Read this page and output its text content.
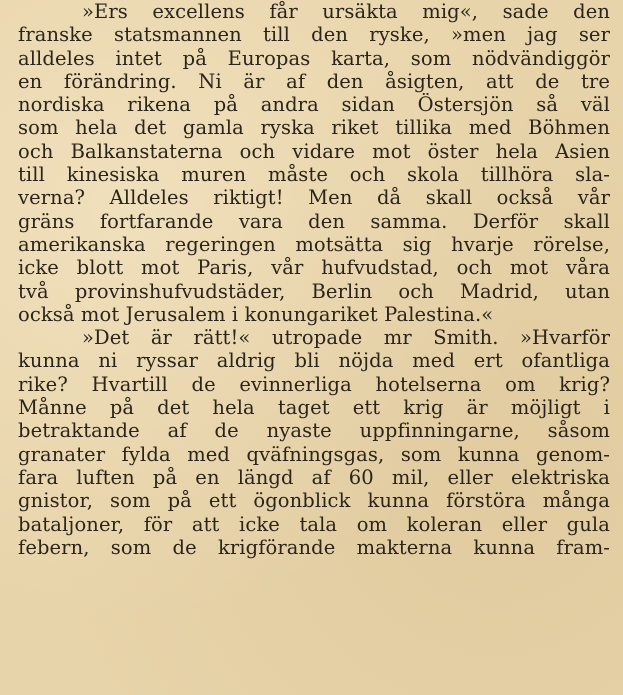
»Ers excellens får ursäkta mig«, sade den
franske statsmannen till den ryske, »men jag ser
alldeles intet på Europas karta, som nödvändiggör
en förändring. Ni är af den åsigten, att de tre
nordiska rikena på andra sidan Östersjön så väl
som hela det gamla ryska riket tillika med Böhmen
och Balkanstaterna och vidare mot öster hela Asien
till kinesiska muren måste och skola tillhöra sla-
verna? Alldeles riktigt! Men då skall också vår
gräns fortfarande vara den samma. Derför skall
amerikanska regeringen motsätta sig hvarje rörelse,
icke blott mot Paris, vår hufvudstad, och mot våra
två provinshufvudstäder, Berlin och Madrid, utan
också mot Jerusalem i konungariket Palestina.«
»Det är rätt!« utropade mr Smith. »Hvarför
kunna ni ryssar aldrig bli nöjda med ert ofantliga
rike? Hvartill de evinnerliga hotelserna om krig?
Månne på det hela taget ett krig är möjligt i
betraktande af de nyaste uppfinningarne, såsom
granater fylda med qväfningsgas, som kunna genom-
fara luften på en längd af 60 mil, eller elektriska
gnistor, som på ett ögonblick kunna förstöra många
bataljoner, för att icke tala om koleran eller gula
febern, som de krigförande makterna kunna fram-
